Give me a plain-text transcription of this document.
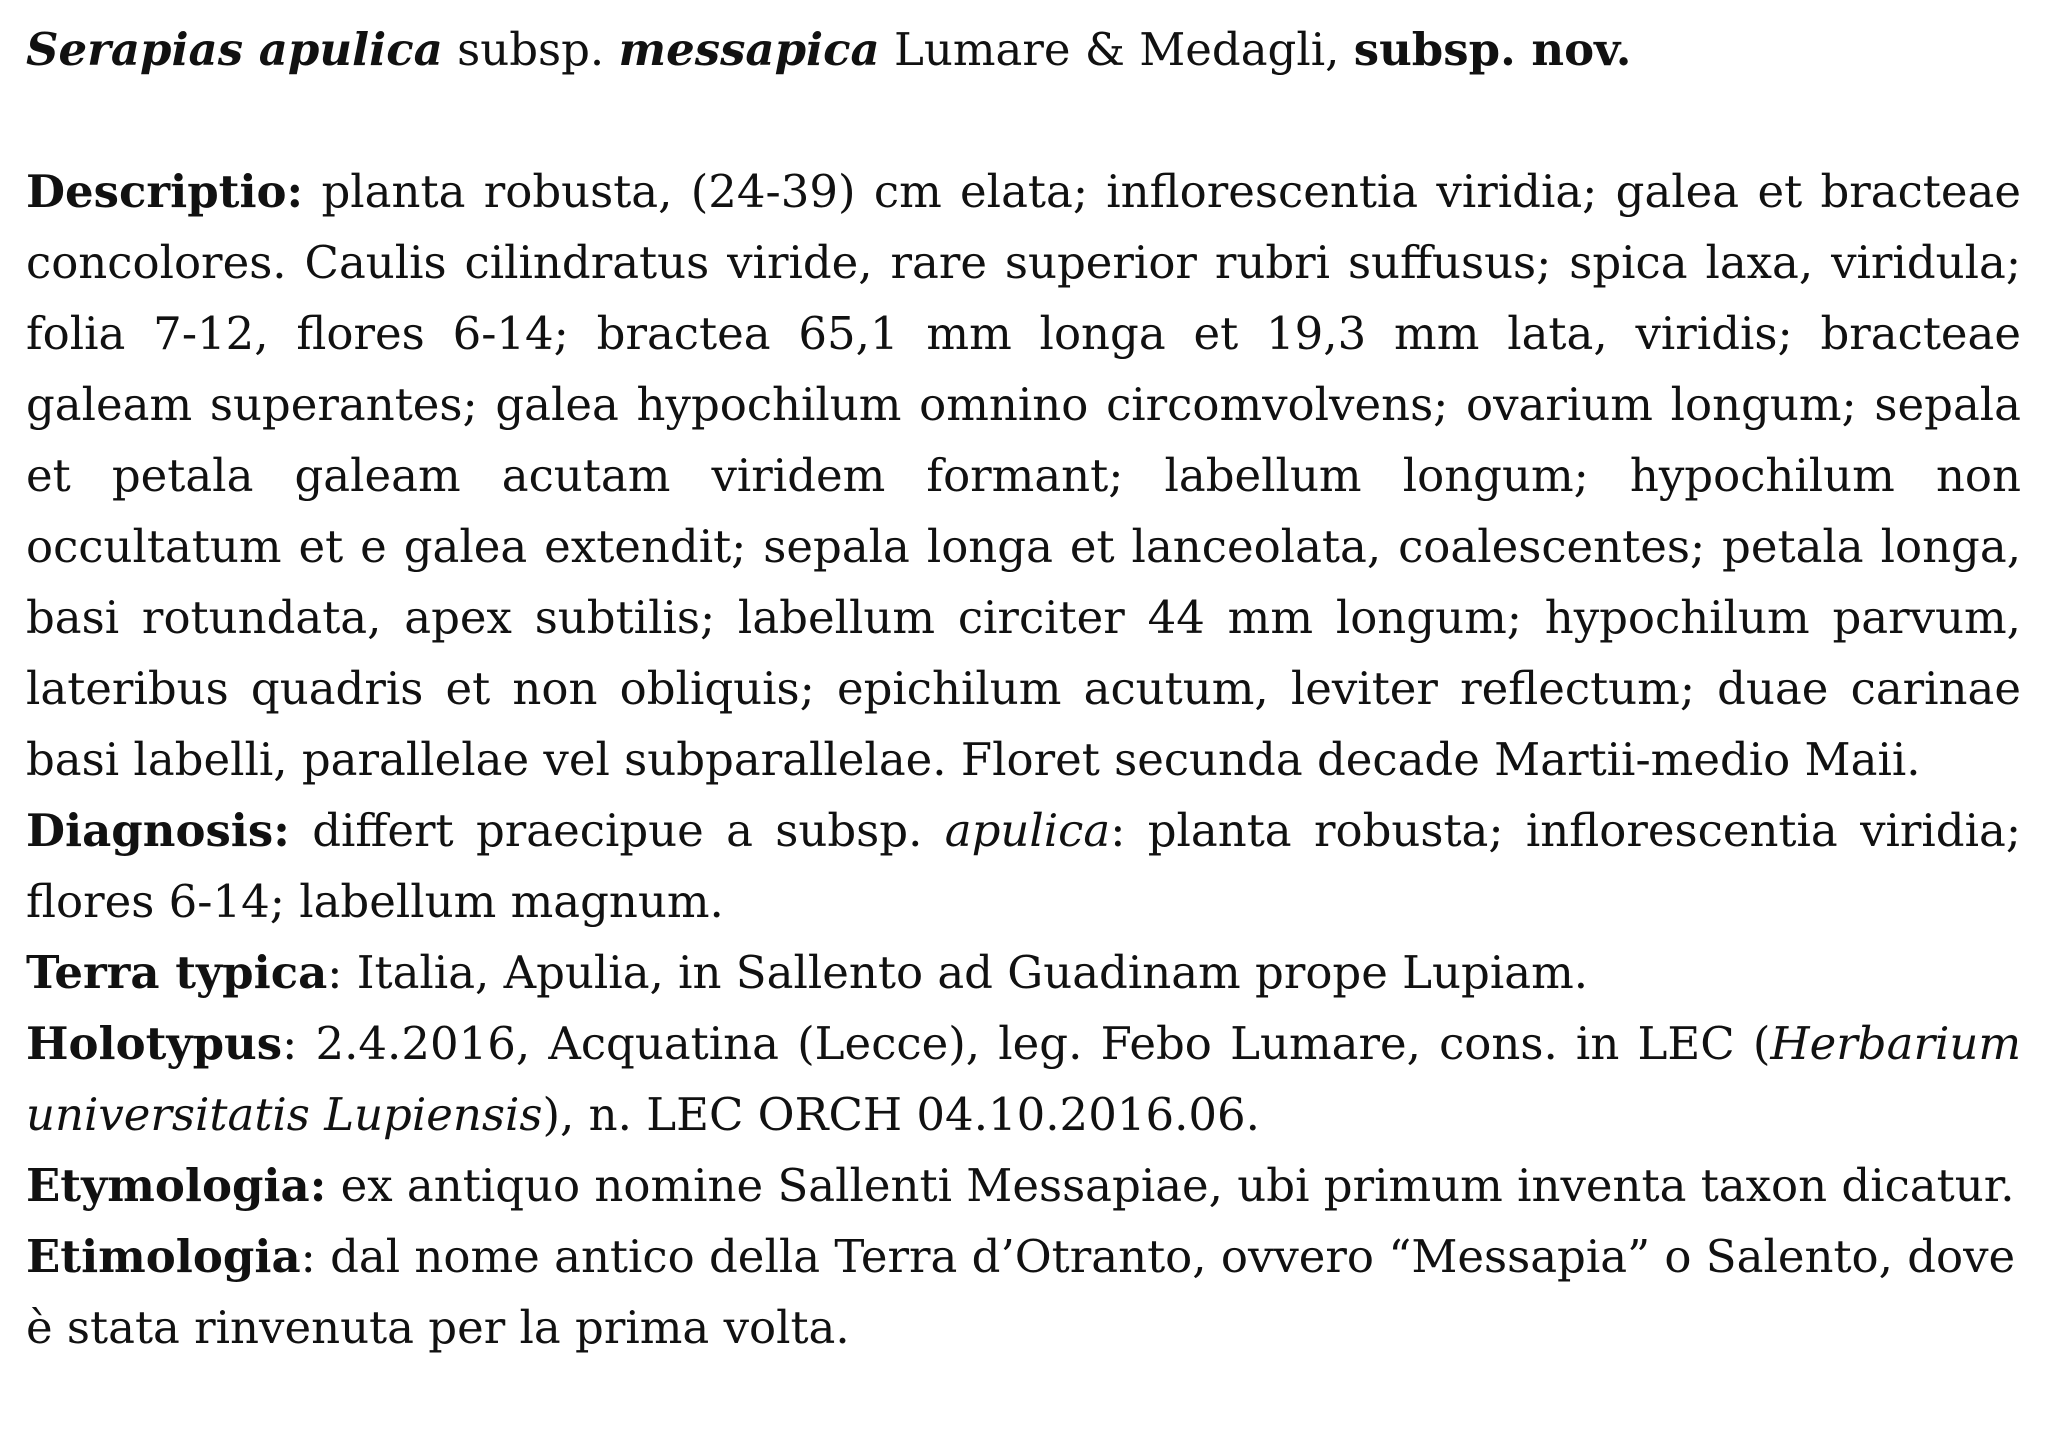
Serapias apulica subsp. messapica Lumare & Medagli, subsp. nov.

Descriptio: planta robusta, (24-39) cm elata; inflorescentia viridia; galea et bracteae concolores. Caulis cilindratus viride, rare superior rubri suffusus; spica laxa, viridula; folia 7-12, flores 6-14; bractea 65,1 mm longa et 19,3 mm lata, viridis; bracteae galeam superantes; galea hypochilum omnino circomvolvens; ovarium longum; sepala et petala galeam acutam viridem formant; labellum longum; hypochilum non occultatum et e galea extendit; sepala longa et lanceolata, coalescentes; petala longa, basi rotundata, apex subtilis; labellum circiter 44 mm longum; hypochilum parvum, lateribus quadris et non obliquis; epichilum acutum, leviter reflectum; duae carinae basi labelli, parallelae vel subparallelae. Floret secunda decade Martii-medio Maii.

Diagnosis: differt praecipue a subsp. apulica: planta robusta; inflorescentia viridia; flores 6-14; labellum magnum.

Terra typica: Italia, Apulia, in Sallento ad Guadinam prope Lupiam.

Holotypus: 2.4.2016, Acquatina (Lecce), leg. Febo Lumare, cons. in LEC (Herbarium universitatis Lupiensis), n. LEC ORCH 04.10.2016.06.

Etymologia: ex antiquo nomine Sallenti Messapiae, ubi primum inventa taxon dicatur.

Etimologia: dal nome antico della Terra d’Otranto, ovvero “Messapia” o Salento, dove è stata rinvenuta per la prima volta.
